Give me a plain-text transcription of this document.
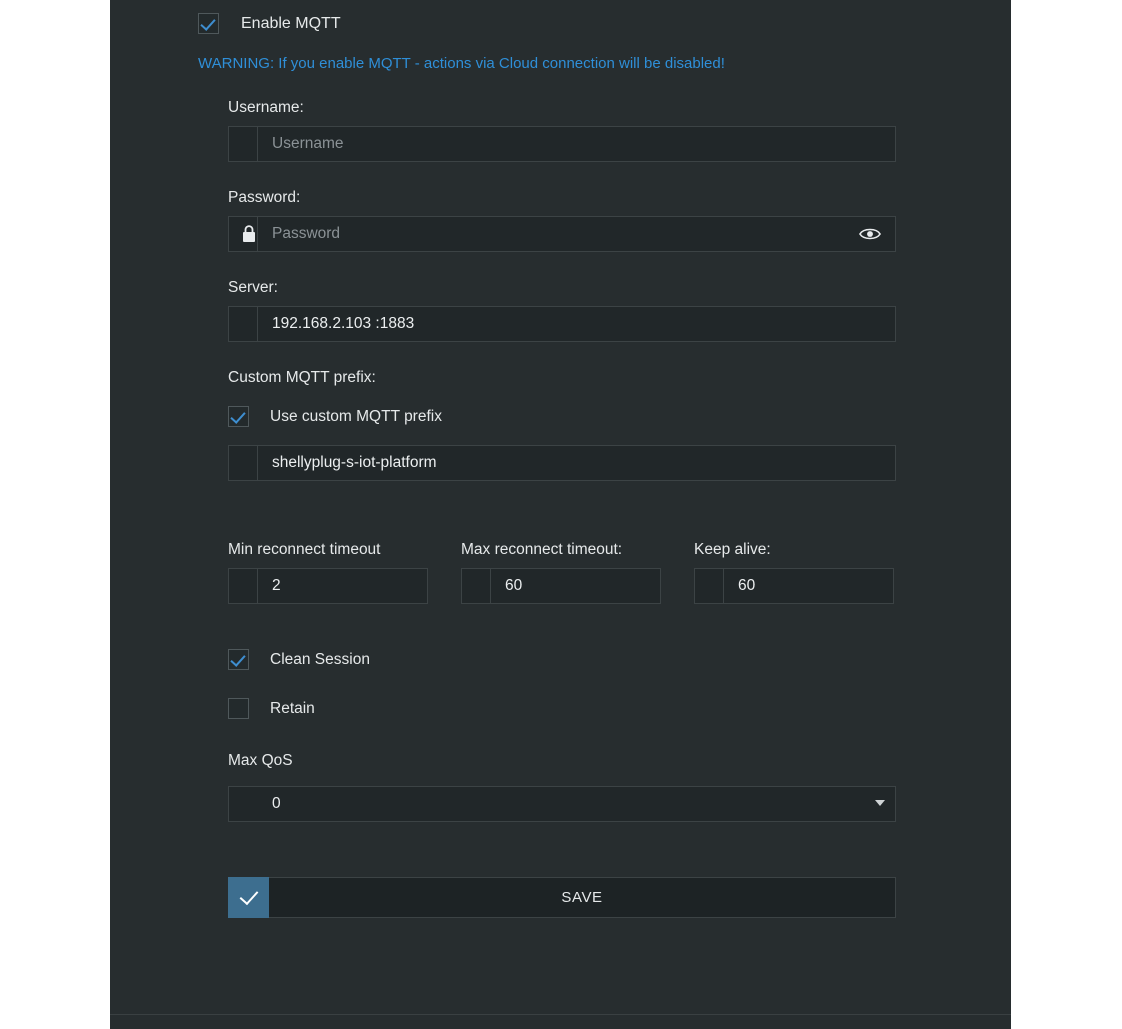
Enable MQTT
WARNING: If you enable MQTT - actions via Cloud connection will be disabled!
Username:
Username
Password:
Password
Server:
192.168.2.103 :1883
Custom MQTT prefix:
Use custom MQTT prefix
shellyplug-s-iot-platform
Min reconnect timeout
2
Max reconnect timeout:
60
Keep alive:
60
Clean Session
Retain
Max QoS
0
SAVE
